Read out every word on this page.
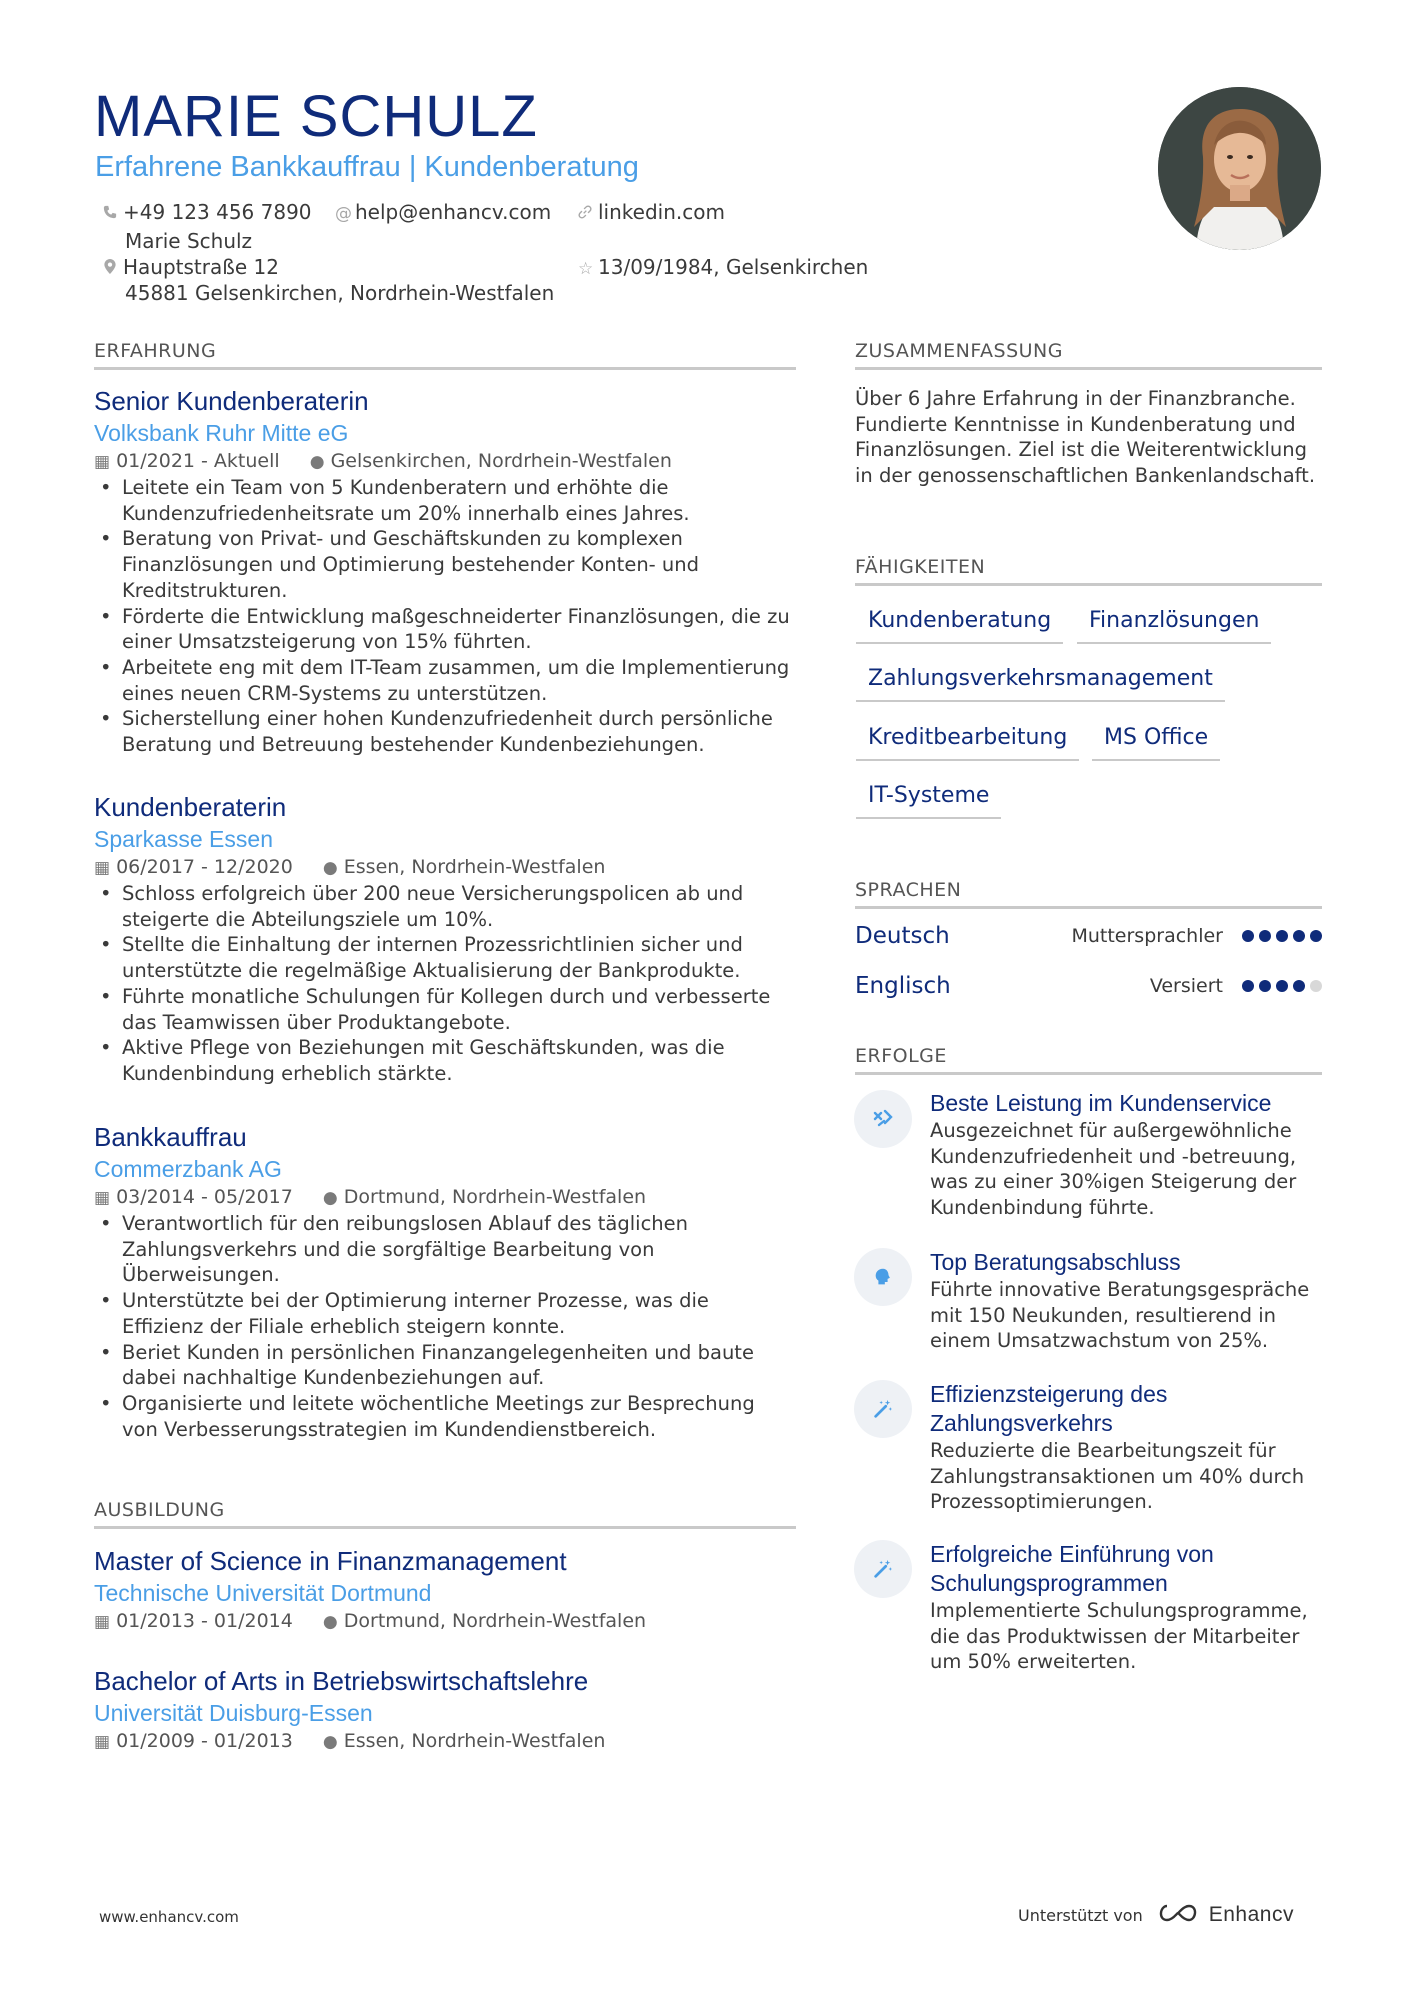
MARIE SCHULZ
Erfahrene Bankkauffrau | Kundenberatung
+49 123 456 7890 @ help@enhancv.com	linkedin.com
Marie Schulz
Hauptstraße 12
45881 Gelsenkirchen, Nordrhein-Westfalen
☆ 13/09/1984, Gelsenkirchen
ERFAHRUNG
Senior Kundenberaterin
Volksbank Ruhr Mitte eG
▦ 01/2021 - Aktuell ● Gelsenkirchen, Nordrhein-Westfalen
• Leitete ein Team von 5 Kundenberatern und erhöhte die Kundenzufriedenheitsrate um 20% innerhalb eines Jahres.
• Beratung von Privat- und Geschäftskunden zu komplexen Finanzlösungen und Optimierung bestehender Konten- und Kreditstrukturen.
• Förderte die Entwicklung maßgeschneiderter Finanzlösungen, die zu einer Umsatzsteigerung von 15% führten.
• Arbeitete eng mit dem IT-Team zusammen, um die Implementierung eines neuen CRM-Systems zu unterstützen.
• Sicherstellung einer hohen Kundenzufriedenheit durch persönliche Beratung und Betreuung bestehender Kundenbeziehungen.
Kundenberaterin
Sparkasse Essen
▦ 06/2017 - 12/2020 ● Essen, Nordrhein-Westfalen
• Schloss erfolgreich über 200 neue Versicherungspolicen ab und steigerte die Abteilungsziele um 10%.
• Stellte die Einhaltung der internen Prozessrichtlinien sicher und unterstützte die regelmäßige Aktualisierung der Bankprodukte.
• Führte monatliche Schulungen für Kollegen durch und verbesserte das Teamwissen über Produktangebote.
• Aktive Pflege von Beziehungen mit Geschäftskunden, was die Kundenbindung erheblich stärkte.
Bankkauffrau
Commerzbank AG
▦ 03/2014 - 05/2017 ● Dortmund, Nordrhein-Westfalen
• Verantwortlich für den reibungslosen Ablauf des täglichen Zahlungsverkehrs und die sorgfältige Bearbeitung von Überweisungen.
• Unterstützte bei der Optimierung interner Prozesse, was die Effizienz der Filiale erheblich steigern konnte.
• Beriet Kunden in persönlichen Finanzangelegenheiten und baute dabei nachhaltige Kundenbeziehungen auf.
• Organisierte und leitete wöchentliche Meetings zur Besprechung von Verbesserungsstrategien im Kundendienstbereich.
AUSBILDUNG
Master of Science in Finanzmanagement
Technische Universität Dortmund
▦ 01/2013 - 01/2014 ● Dortmund, Nordrhein-Westfalen
Bachelor of Arts in Betriebswirtschaftslehre
Universität Duisburg-Essen
▦ 01/2009 - 01/2013 ● Essen, Nordrhein-Westfalen
ZUSAMMENFASSUNG
Über 6 Jahre Erfahrung in der Finanzbranche. Fundierte Kenntnisse in Kundenberatung und Finanzlösungen. Ziel ist die Weiterentwicklung in der genossenschaftlichen Bankenlandschaft.
FÄHIGKEITEN
Kundenberatung	Finanzlösungen
Zahlungsverkehrsmanagement
Kreditbearbeitung	MS Office
IT-Systeme
SPRACHEN
Deutsch	Muttersprachler
Englisch	Versiert
ERFOLGE
Beste Leistung im Kundenservice
Ausgezeichnet für außergewöhnliche Kundenzufriedenheit und -betreuung, was zu einer 30%igen Steigerung der Kundenbindung führte.
Top Beratungsabschluss
Führte innovative Beratungsgespräche mit 150 Neukunden, resultierend in einem Umsatzwachstum von 25%.
Effizienzsteigerung des Zahlungsverkehrs
Reduzierte die Bearbeitungszeit für Zahlungstransaktionen um 40% durch Prozessoptimierungen.
Erfolgreiche Einführung von Schulungsprogrammen
Implementierte Schulungsprogramme, die das Produktwissen der Mitarbeiter um 50% erweiterten.
www.enhancv.com	Unterstützt von	Enhancv
